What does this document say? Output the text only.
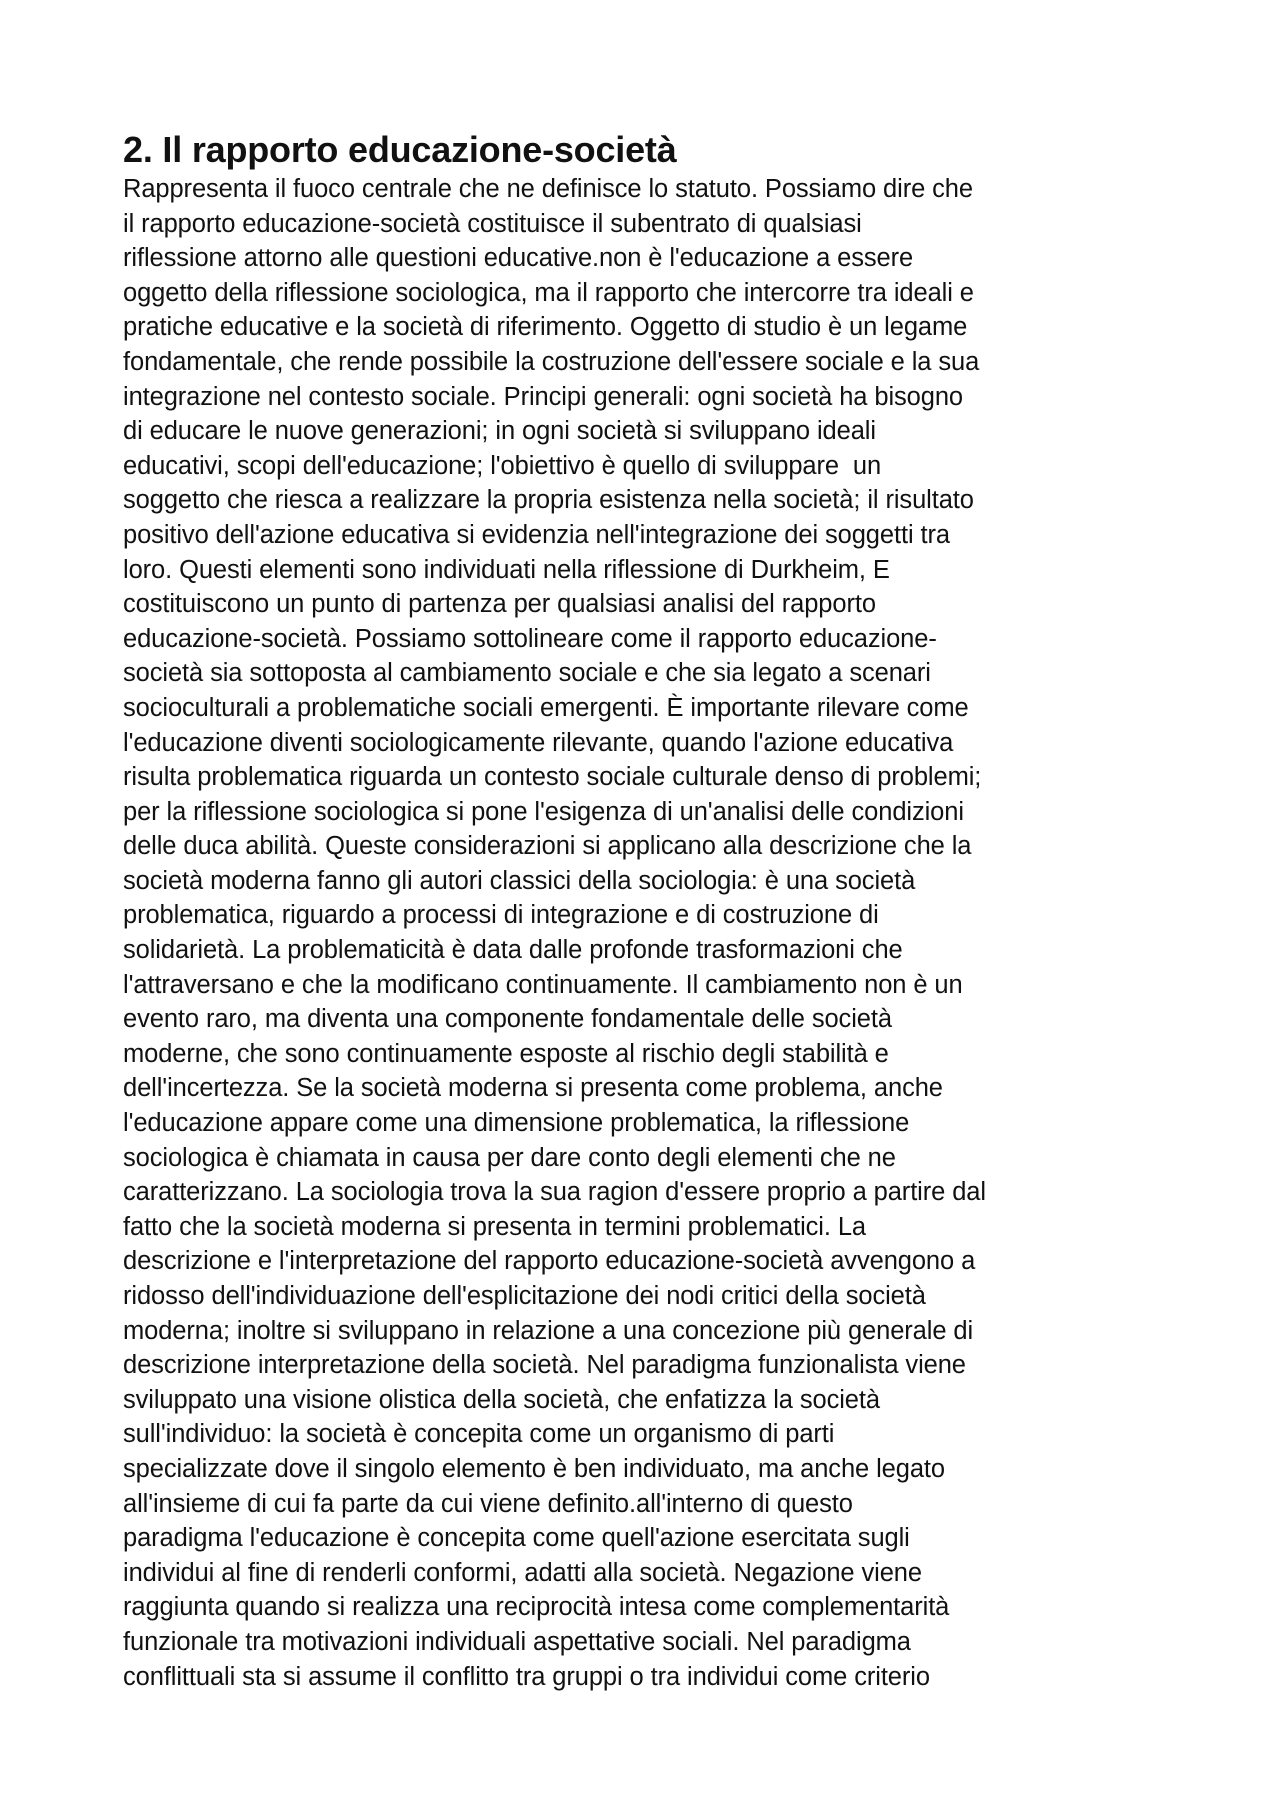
2. Il rapporto educazione-società
Rappresenta il fuoco centrale che ne definisce lo statuto. Possiamo dire che
il rapporto educazione-società costituisce il subentrato di qualsiasi
riflessione attorno alle questioni educative.non è l'educazione a essere
oggetto della riflessione sociologica, ma il rapporto che intercorre tra ideali e
pratiche educative e la società di riferimento. Oggetto di studio è un legame
fondamentale, che rende possibile la costruzione dell'essere sociale e la sua
integrazione nel contesto sociale. Principi generali: ogni società ha bisogno
di educare le nuove generazioni; in ogni società si sviluppano ideali
educativi, scopi dell'educazione; l'obiettivo è quello di sviluppare  un
soggetto che riesca a realizzare la propria esistenza nella società; il risultato
positivo dell'azione educativa si evidenzia nell'integrazione dei soggetti tra
loro. Questi elementi sono individuati nella riflessione di Durkheim, E
costituiscono un punto di partenza per qualsiasi analisi del rapporto
educazione-società. Possiamo sottolineare come il rapporto educazione-
società sia sottoposta al cambiamento sociale e che sia legato a scenari
socioculturali a problematiche sociali emergenti. È importante rilevare come
l'educazione diventi sociologicamente rilevante, quando l'azione educativa
risulta problematica riguarda un contesto sociale culturale denso di problemi;
per la riflessione sociologica si pone l'esigenza di un'analisi delle condizioni
delle duca abilità. Queste considerazioni si applicano alla descrizione che la
società moderna fanno gli autori classici della sociologia: è una società
problematica, riguardo a processi di integrazione e di costruzione di
solidarietà. La problematicità è data dalle profonde trasformazioni che
l'attraversano e che la modificano continuamente. Il cambiamento non è un
evento raro, ma diventa una componente fondamentale delle società
moderne, che sono continuamente esposte al rischio degli stabilità e
dell'incertezza. Se la società moderna si presenta come problema, anche
l'educazione appare come una dimensione problematica, la riflessione
sociologica è chiamata in causa per dare conto degli elementi che ne
caratterizzano. La sociologia trova la sua ragion d'essere proprio a partire dal
fatto che la società moderna si presenta in termini problematici. La
descrizione e l'interpretazione del rapporto educazione-società avvengono a
ridosso dell'individuazione dell'esplicitazione dei nodi critici della società
moderna; inoltre si sviluppano in relazione a una concezione più generale di
descrizione interpretazione della società. Nel paradigma funzionalista viene
sviluppato una visione olistica della società, che enfatizza la società
sull'individuo: la società è concepita come un organismo di parti
specializzate dove il singolo elemento è ben individuato, ma anche legato
all'insieme di cui fa parte da cui viene definito.all'interno di questo
paradigma l'educazione è concepita come quell'azione esercitata sugli
individui al fine di renderli conformi, adatti alla società. Negazione viene
raggiunta quando si realizza una reciprocità intesa come complementarità
funzionale tra motivazioni individuali aspettative sociali. Nel paradigma
conflittuali sta si assume il conflitto tra gruppi o tra individui come criterio
